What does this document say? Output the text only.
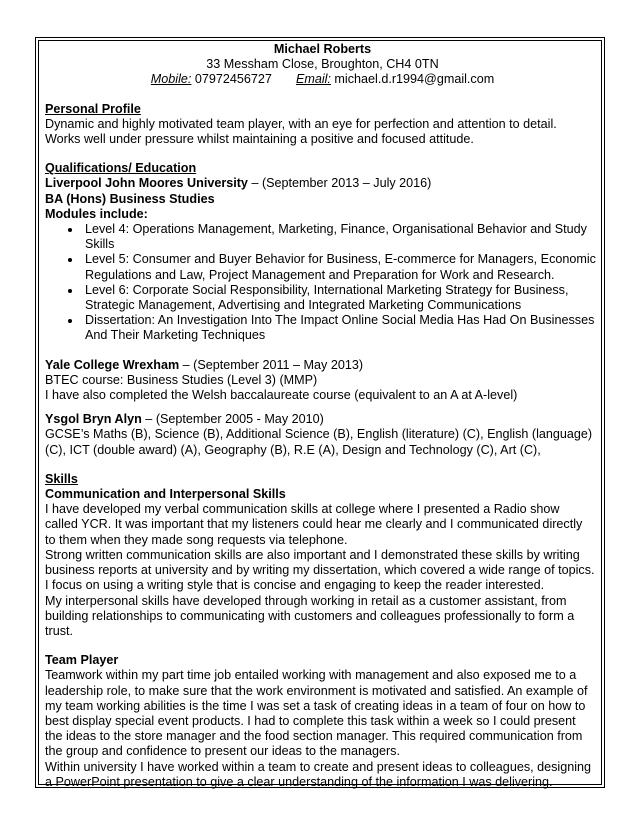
Michael Roberts

33 Messham Close, Broughton, CH4 0TN

Mobile: 07972456727 Email: michael.d.r1994@gmail.com

Personal Profile

Dynamic and highly motivated team player, with an eye for perfection and attention to detail.

Works well under pressure whilst maintaining a positive and focused attitude.

Qualifications/ Education

Liverpool John Moores University – (September 2013 – July 2016)

BA (Hons) Business Studies

Modules include:

• Level 4: Operations Management, Marketing, Finance, Organisational Behavior and Study Skills
• Level 5: Consumer and Buyer Behavior for Business, E-commerce for Managers, Economic Regulations and Law, Project Management and Preparation for Work and Research.
• Level 6: Corporate Social Responsibility, International Marketing Strategy for Business, Strategic Management, Advertising and Integrated Marketing Communications
• Dissertation: An Investigation Into The Impact Online Social Media Has Had On Businesses And Their Marketing Techniques

Yale College Wrexham – (September 2011 – May 2013)

BTEC course: Business Studies (Level 3) (MMP)

I have also completed the Welsh baccalaureate course (equivalent to an A at A-level)

Ysgol Bryn Alyn – (September 2005 - May 2010)

GCSE’s Maths (B), Science (B), Additional Science (B), English (literature) (C), English (language)

(C), ICT (double award) (A), Geography (B), R.E (A), Design and Technology (C), Art (C),

Skills

Communication and Interpersonal Skills

I have developed my verbal communication skills at college where I presented a Radio show

called YCR. It was important that my listeners could hear me clearly and I communicated directly

to them when they made song requests via telephone.

Strong written communication skills are also important and I demonstrated these skills by writing

business reports at university and by writing my dissertation, which covered a wide range of topics.

I focus on using a writing style that is concise and engaging to keep the reader interested.

My interpersonal skills have developed through working in retail as a customer assistant, from

building relationships to communicating with customers and colleagues professionally to form a

trust.

Team Player

Teamwork within my part time job entailed working with management and also exposed me to a

leadership role, to make sure that the work environment is motivated and satisfied. An example of

my team working abilities is the time I was set a task of creating ideas in a team of four on how to

best display special event products. I had to complete this task within a week so I could present

the ideas to the store manager and the food section manager. This required communication from

the group and confidence to present our ideas to the managers.

Within university I have worked within a team to create and present ideas to colleagues, designing

a PowerPoint presentation to give a clear understanding of the information I was delivering.
